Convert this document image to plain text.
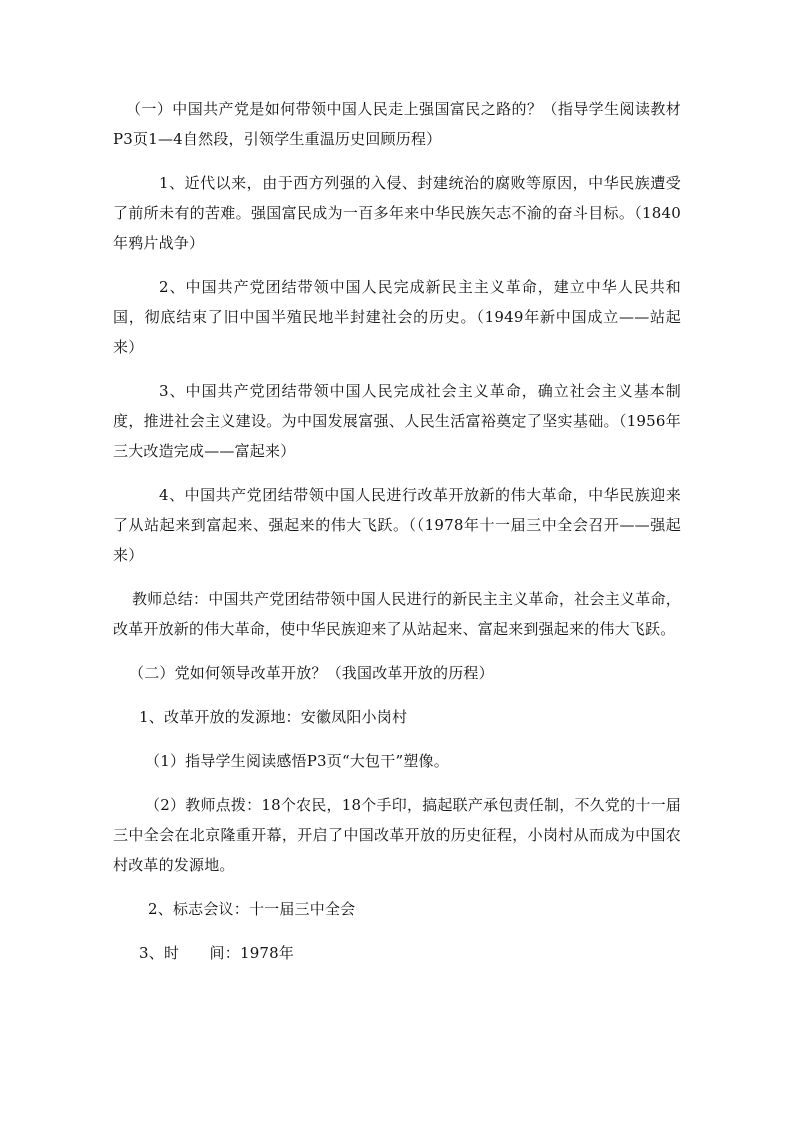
（一）中国共产党是如何带领中国人民走上强国富民之路的？（指导学生阅读教材P3页1—4自然段，引领学生重温历史回顾历程）

1、近代以来，由于西方列强的入侵、封建统治的腐败等原因，中华民族遭受了前所未有的苦难。强国富民成为一百多年来中华民族矢志不渝的奋斗目标。（1840年鸦片战争）

2、中国共产党团结带领中国人民完成新民主主义革命，建立中华人民共和国，彻底结束了旧中国半殖民地半封建社会的历史。（1949年新中国成立——站起来）

3、中国共产党团结带领中国人民完成社会主义革命，确立社会主义基本制度，推进社会主义建设。为中国发展富强、人民生活富裕奠定了坚实基础。（1956年三大改造完成——富起来）

4、中国共产党团结带领中国人民进行改革开放新的伟大革命，中华民族迎来了从站起来到富起来、强起来的伟大飞跃。（（1978年十一届三中全会召开——强起来）

教师总结：中国共产党团结带领中国人民进行的新民主主义革命，社会主义革命，改革开放新的伟大革命，使中华民族迎来了从站起来、富起来到强起来的伟大飞跃。

（二）党如何领导改革开放？（我国改革开放的历程）

1、改革开放的发源地：安徽凤阳小岗村

（1）指导学生阅读感悟P3页“大包干”塑像。

（2）教师点拨：18个农民，18个手印，搞起联产承包责任制，不久党的十一届三中全会在北京隆重开幕，开启了中国改革开放的历史征程，小岗村从而成为中国农村改革的发源地。

2、标志会议：十一届三中全会

3、时　　间：1978年
